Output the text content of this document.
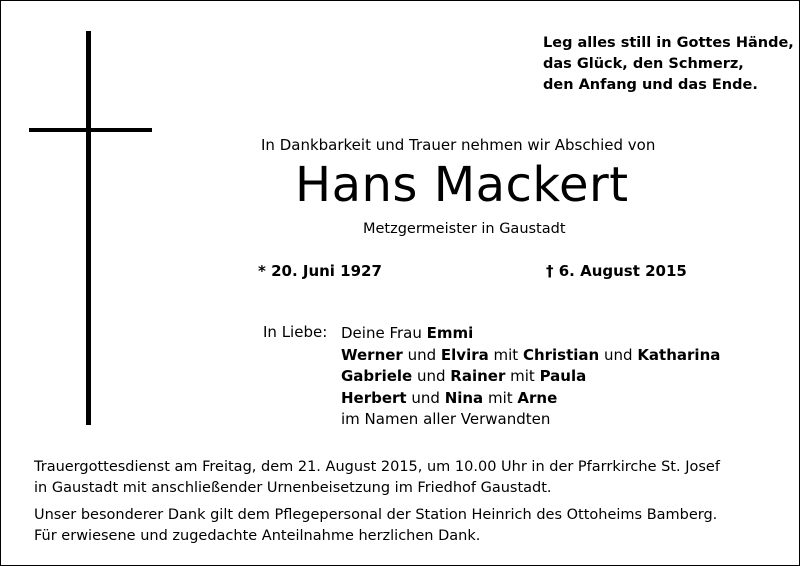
Leg alles still in Gottes Hände,
das Glück, den Schmerz,
den Anfang und das Ende.
In Dankbarkeit und Trauer nehmen wir Abschied von
Hans Mackert
Metzgermeister in Gaustadt
* 20. Juni 1927	† 6. August 2015
In Liebe: Deine Frau Emmi
Werner und Elvira mit Christian und Katharina
Gabriele und Rainer mit Paula
Herbert und Nina mit Arne
im Namen aller Verwandten
Trauergottesdienst am Freitag, dem 21. August 2015, um 10.00 Uhr in der Pfarrkirche St. Josef
in Gaustadt mit anschließender Urnenbeisetzung im Friedhof Gaustadt.
Unser besonderer Dank gilt dem Pflegepersonal der Station Heinrich des Ottoheims Bamberg.
Für erwiesene und zugedachte Anteilnahme herzlichen Dank.
